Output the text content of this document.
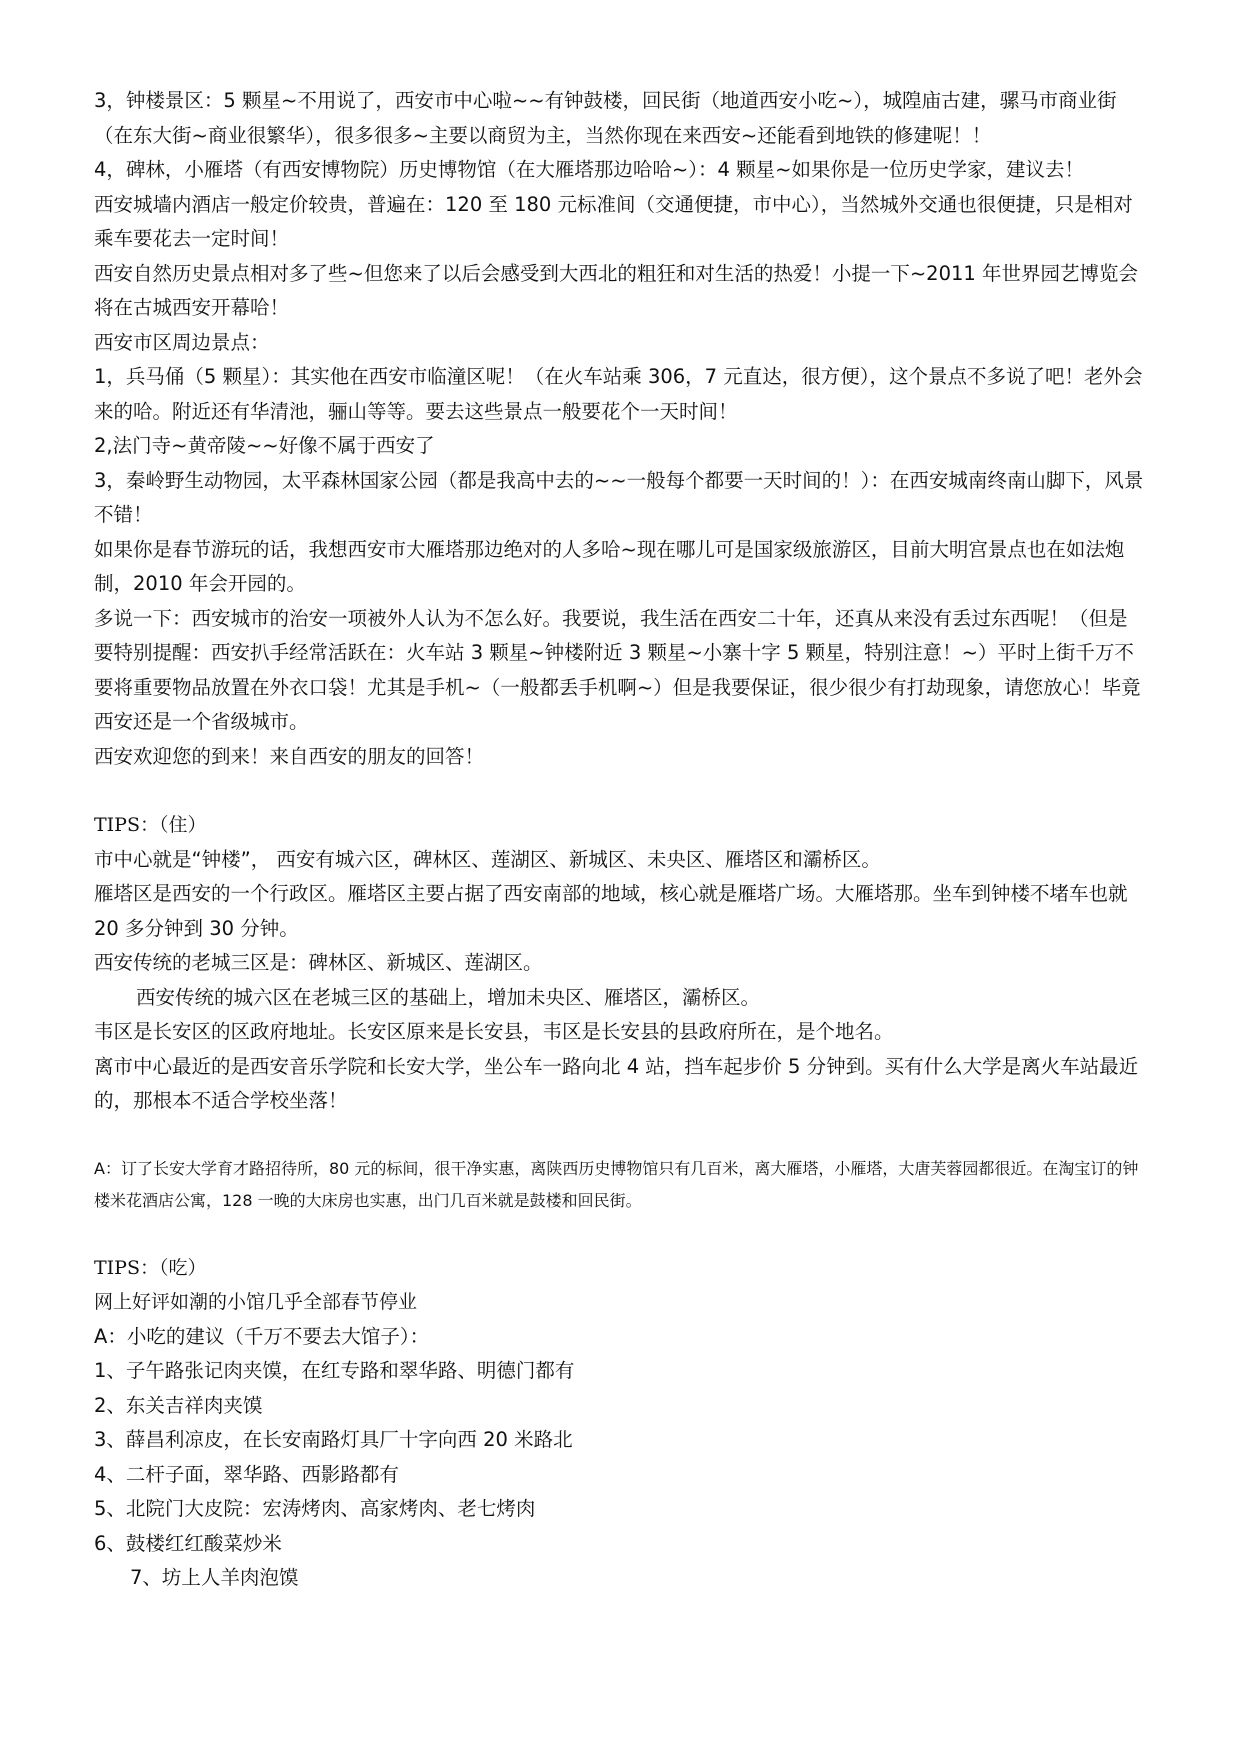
3，钟楼景区：5 颗星~不用说了，西安市中心啦~~有钟鼓楼，回民街（地道西安小吃~），城隍庙古建，骡马市商业街（在东大街~商业很繁华），很多很多~主要以商贸为主，当然你现在来西安~还能看到地铁的修建呢！！

4，碑林，小雁塔（有西安博物院）历史博物馆（在大雁塔那边哈哈~）：4 颗星~如果你是一位历史学家，建议去！

西安城墙内酒店一般定价较贵，普遍在：120 至 180 元标准间（交通便捷，市中心），当然城外交通也很便捷，只是相对乘车要花去一定时间！

西安自然历史景点相对多了些~但您来了以后会感受到大西北的粗狂和对生活的热爱！小提一下~2011 年世界园艺博览会将在古城西安开幕哈！

西安市区周边景点：

1，兵马俑（5 颗星）：其实他在西安市临潼区呢！（在火车站乘 306，7 元直达，很方便），这个景点不多说了吧！老外会来的哈。附近还有华清池，骊山等等。要去这些景点一般要花个一天时间！

2,法门寺~黄帝陵~~好像不属于西安了

3，秦岭野生动物园，太平森林国家公园（都是我高中去的~~一般每个都要一天时间的！）：在西安城南终南山脚下，风景不错！

如果你是春节游玩的话，我想西安市大雁塔那边绝对的人多哈~现在哪儿可是国家级旅游区，目前大明宫景点也在如法炮制，2010 年会开园的。

多说一下：西安城市的治安一项被外人认为不怎么好。我要说，我生活在西安二十年，还真从来没有丢过东西呢！（但是要特别提醒：西安扒手经常活跃在：火车站 3 颗星~钟楼附近 3 颗星~小寨十字 5 颗星，特别注意！~）平时上街千万不要将重要物品放置在外衣口袋！尤其是手机~（一般都丢手机啊~）但是我要保证，很少很少有打劫现象，请您放心！毕竟西安还是一个省级城市。

西安欢迎您的到来！来自西安的朋友的回答！

TIPS：（住）

市中心就是“钟楼”， 西安有城六区，碑林区、莲湖区、新城区、未央区、雁塔区和灞桥区。

雁塔区是西安的一个行政区。雁塔区主要占据了西安南部的地域，核心就是雁塔广场。大雁塔那。坐车到钟楼不堵车也就 20 多分钟到 30 分钟。

西安传统的老城三区是：碑林区、新城区、莲湖区。

西安传统的城六区在老城三区的基础上，增加未央区、雁塔区，灞桥区。

韦区是长安区的区政府地址。长安区原来是长安县，韦区是长安县的县政府所在，是个地名。

离市中心最近的是西安音乐学院和长安大学，坐公车一路向北 4 站，挡车起步价 5 分钟到。买有什么大学是离火车站最近的，那根本不适合学校坐落！

A：订了长安大学育才路招待所，80 元的标间，很干净实惠，离陕西历史博物馆只有几百米，离大雁塔，小雁塔，大唐芙蓉园都很近。在淘宝订的钟楼米花酒店公寓，128 一晚的大床房也实惠，出门几百米就是鼓楼和回民街。

TIPS：（吃）

网上好评如潮的小馆几乎全部春节停业

A：小吃的建议（千万不要去大馆子）：

1、子午路张记肉夹馍，在红专路和翠华路、明德门都有

2、东关吉祥肉夹馍

3、薛昌利凉皮，在长安南路灯具厂十字向西 20 米路北

4、二杆子面，翠华路、西影路都有

5、北院门大皮院：宏涛烤肉、高家烤肉、老七烤肉

6、鼓楼红红酸菜炒米

7、坊上人羊肉泡馍
